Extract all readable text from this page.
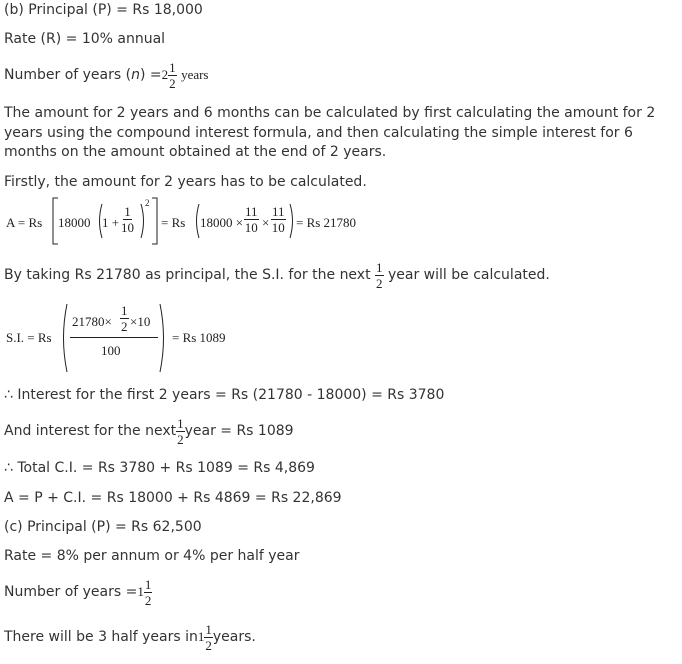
(b) Principal (P) = Rs 18,000
Rate (R) = 10% annual
Number of years $(n) =2 \frac{1}{2}$ years
The amount for 2 years and 6 months can be calculated by first calculating the amount for 2 years using the compound interest formula, and then calculating the simple interest for 6 months on the amount obtained at the end of 2 years.
Firstly, the amount for 2 years has to be calculated.
A = Rs 18000 $1 + \frac{1}{10}$
2
= Rs $18000 \times \frac{11}{10} \times \frac{11}{10} = Rs$ 21780
By taking Rs 21780 as principal, the S.I. for the next $\frac{1}{2}$ year will be calculated.
S.I. = Rs
$21780\times \frac{1}{2} \times 10$
100
= Rs 1089
∴ Interest for the first 2 years = Rs (21780 - 18000) = Rs 3780
And interest for the next $\frac{1}{2}$ year = Rs 1089
∴ Total C.I. = Rs 3780 + Rs 1089 = Rs 4,869
A = P + C.I. = Rs 18000 + Rs 4869 = Rs 22,869
(c) Principal (P) = Rs 62,500
Rate = 8% per annum or 4% per half year
Number of years $=1 \frac{1}{2}$
There will be 3 half years $in1 \frac{1}{2}$ years.
